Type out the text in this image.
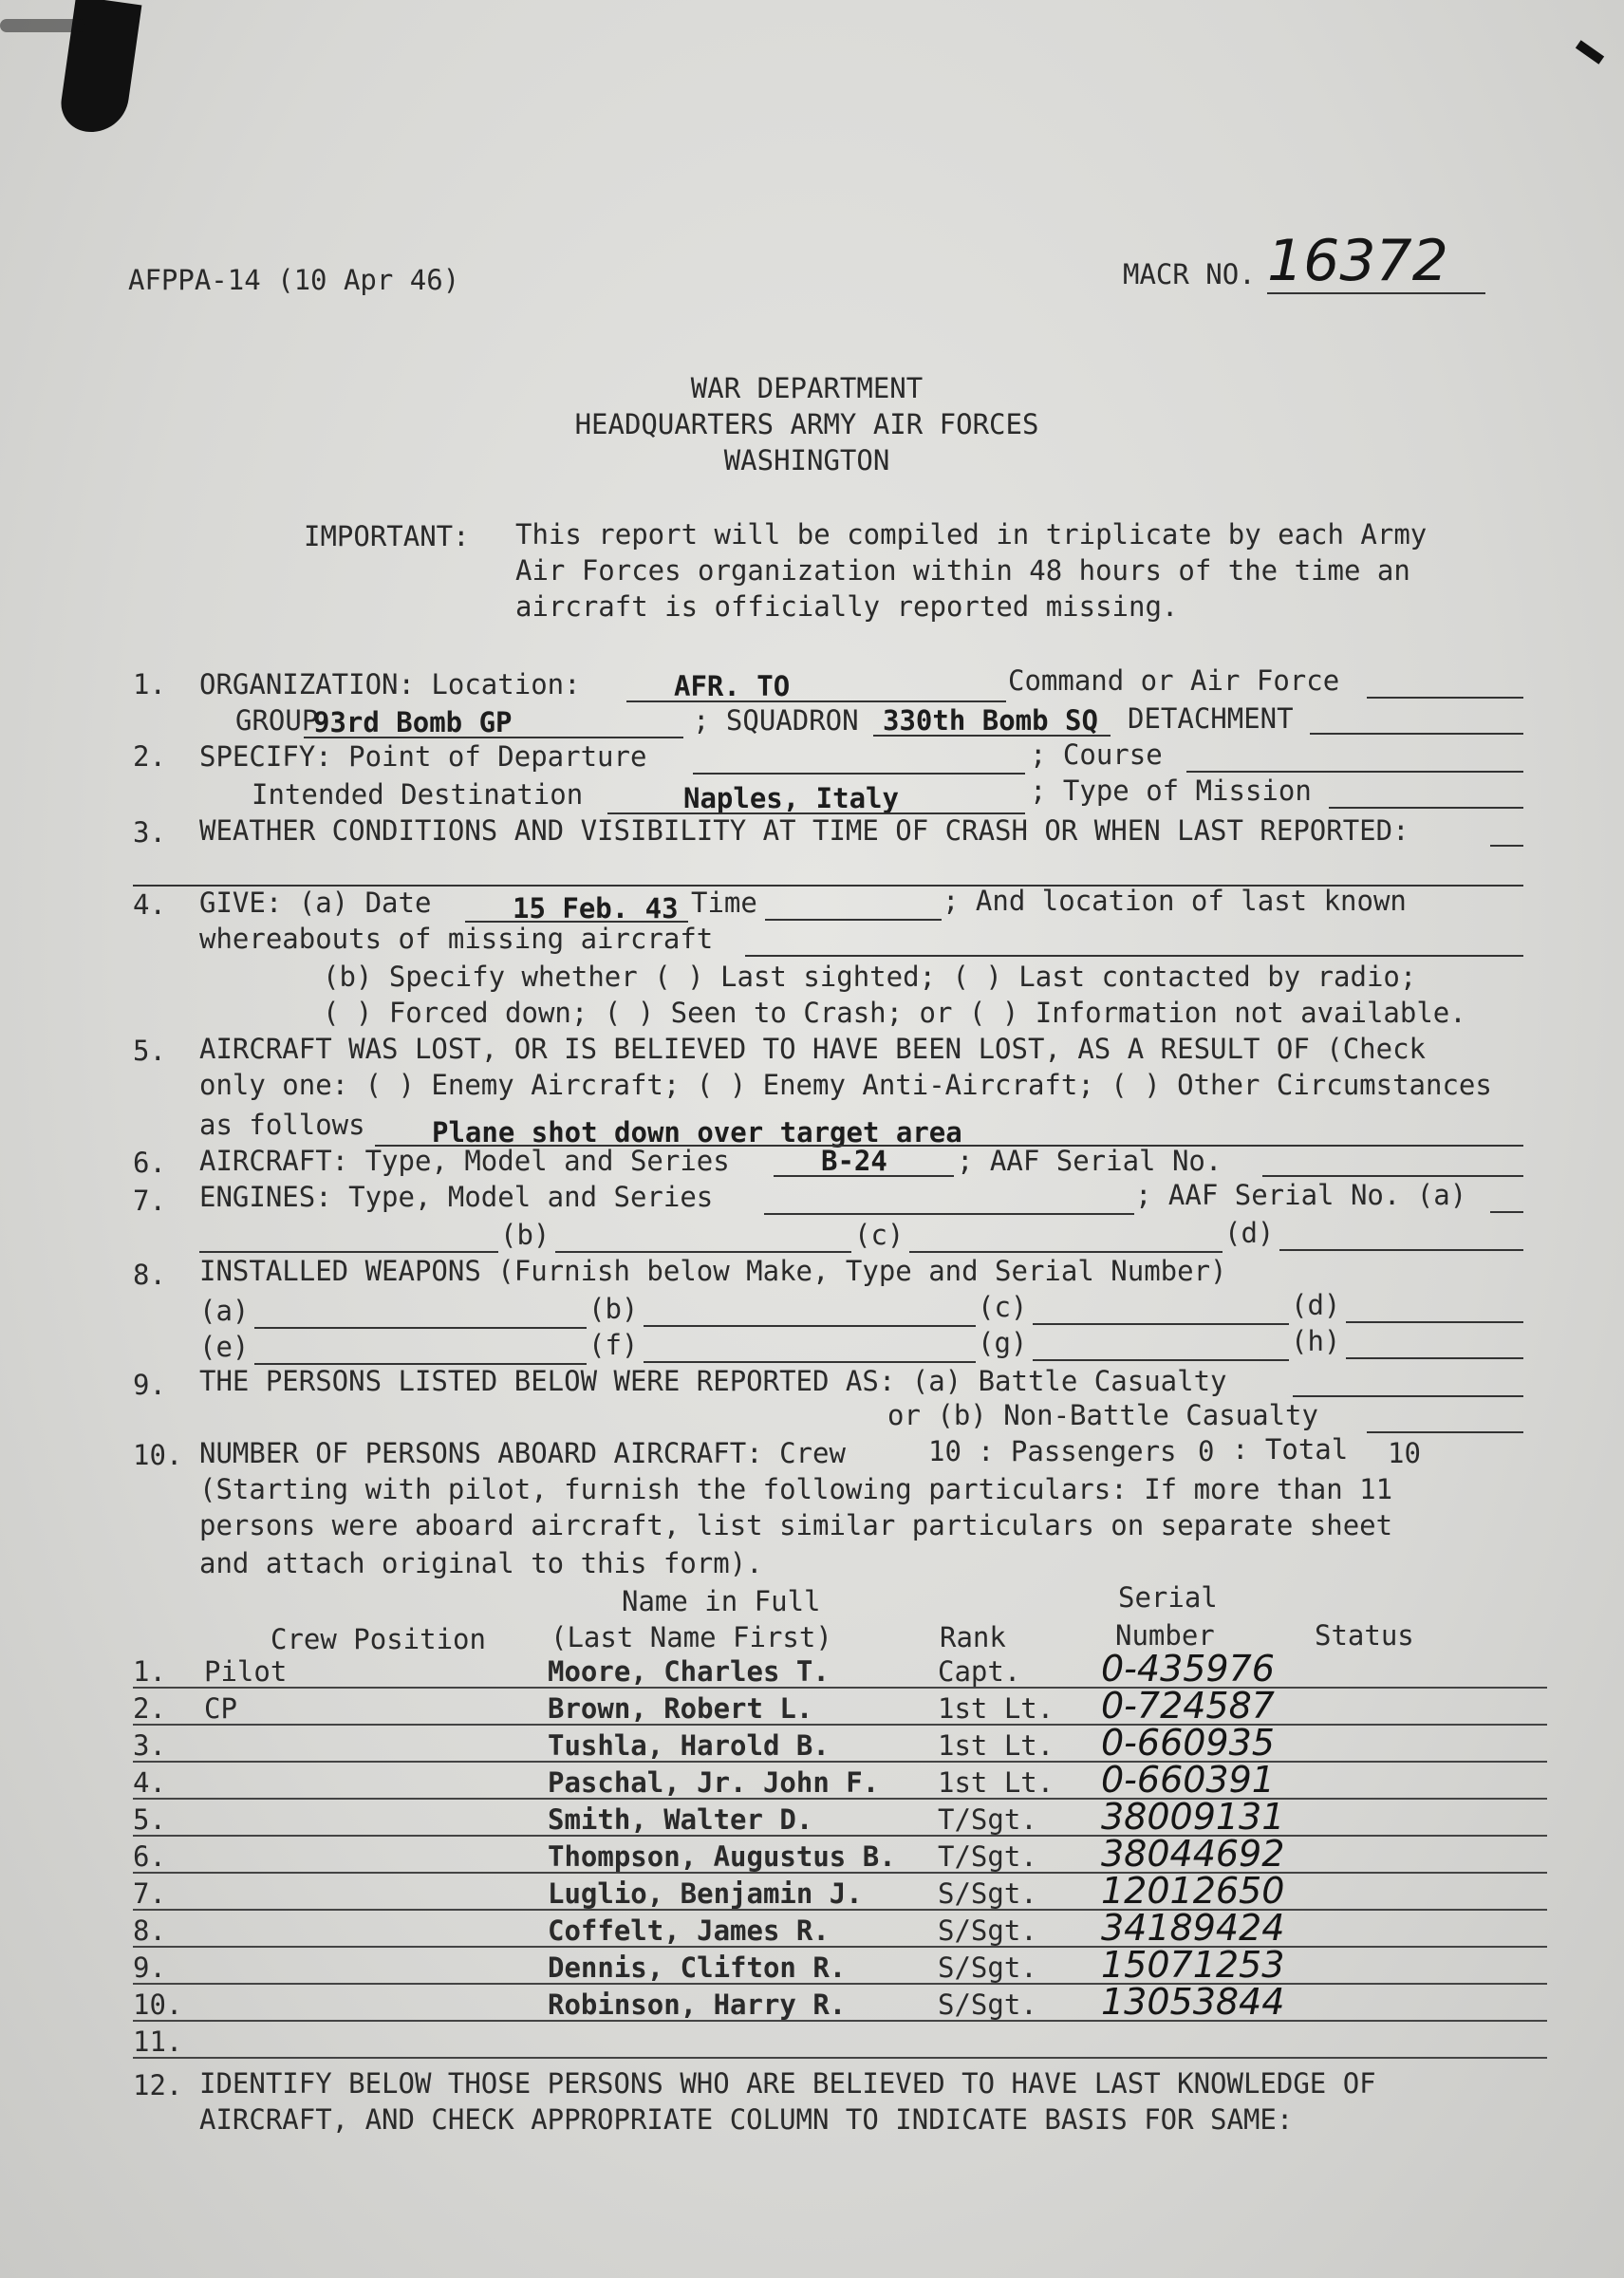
AFPPA-14 (10 Apr 46)	MACR NO. 16372
WAR DEPARTMENT
HEADQUARTERS ARMY AIR FORCES
WASHINGTON
IMPORTANT: This report will be compiled in triplicate by each Army
Air Forces organization within 48 hours of the time an
aircraft is officially reported missing.
1. ORGANIZATION: Location:	AFR. TO	Command or Air Force
GROUP
93rd Bomb GP	; SQUADRON 330th Bomb SQ DETACHMENT
2. SPECIFY: Point of Departure	; Course
Intended Destination	Naples, Italy	; Type of Mission
3. WEATHER CONDITIONS AND VISIBILITY AT TIME OF CRASH OR WHEN LAST REPORTED:
4. GIVE: (a) Date	15 Feb. 43 Time	; And location of last known
whereabouts of missing aircraft
(b) Specify whether ( ) Last sighted; ( ) Last contacted by radio;
( ) Forced down; ( ) Seen to Crash; or ( ) Information not available.
5. AIRCRAFT WAS LOST, OR IS BELIEVED TO HAVE BEEN LOST, AS A RESULT OF (Check
only one: ( ) Enemy Aircraft; ( ) Enemy Anti-Aircraft; ( ) Other Circumstances
as follows Plane shot down over target area
6. AIRCRAFT: Type, Model and Series	B-24	; AAF Serial No.
7. ENGINES: Type, Model and Series	; AAF Serial No. (a)
(b)	(c)	(d)
8. INSTALLED WEAPONS (Furnish below Make, Type and Serial Number)
(a)	(b)	(c)	(d)
(e)	(f)	(g)	(h)
9. THE PERSONS LISTED BELOW WERE REPORTED AS: (a) Battle Casualty
or (b) Non-Battle Casualty
10. NUMBER OF PERSONS ABOARD AIRCRAFT: Crew	10 : Passengers 0 : Total 10
(Starting with pilot, furnish the following particulars: If more than 11
persons were aboard aircraft, list similar particulars on separate sheet
and attach original to this form).
Name in Full	Serial
Crew Position (Last Name First)	Rank	Number	Status
1. Pilot	Moore, Charles T.	Capt. 0-435976
2. CP	Brown, Robert L.	1st Lt. 0-724587
3.	Tushla, Harold B.	1st Lt. 0-660935
4.	Paschal, Jr. John F. 1st Lt. 0-660391
5.	Smith, Walter D.	T/Sgt. 38009131
6.	Thompson, Augustus B. T/Sgt. 38044692
7.	Luglio, Benjamin J.	S/Sgt. 12012650
8.	Coffelt, James R.	S/Sgt. 34189424
9.	Dennis, Clifton R.	S/Sgt. 15071253
10.	Robinson, Harry R.	S/Sgt. 13053844
11.
12. IDENTIFY BELOW THOSE PERSONS WHO ARE BELIEVED TO HAVE LAST KNOWLEDGE OF
AIRCRAFT, AND CHECK APPROPRIATE COLUMN TO INDICATE BASIS FOR SAME:
